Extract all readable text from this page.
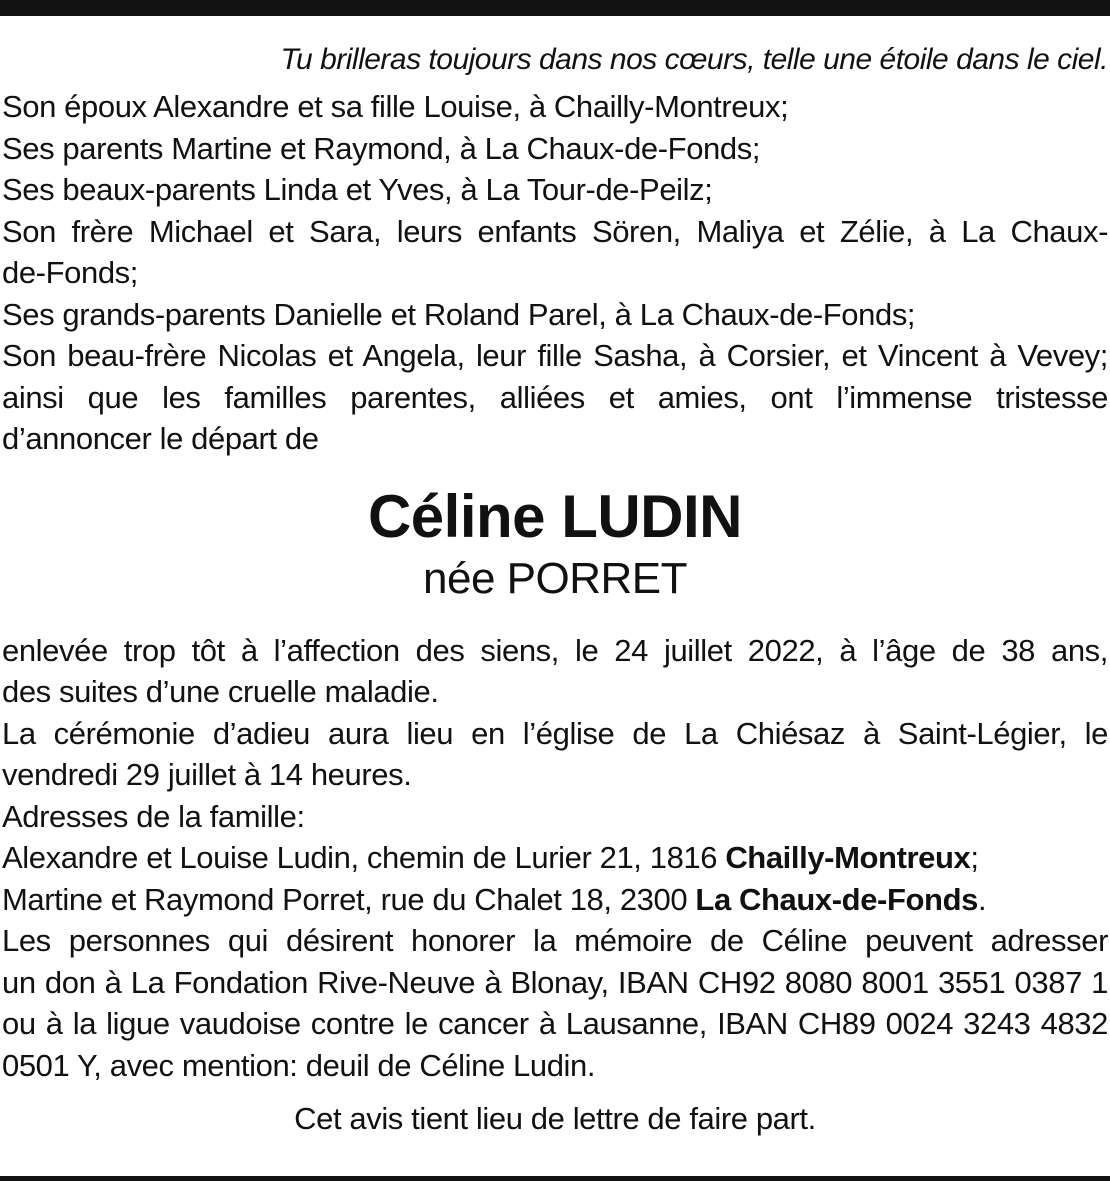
Tu brilleras toujours dans nos cœurs, telle une étoile dans le ciel.

Son époux Alexandre et sa fille Louise, à Chailly-Montreux;

Ses parents Martine et Raymond, à La Chaux-de-Fonds;

Ses beaux-parents Linda et Yves, à La Tour-de-Peilz;

Son frère Michael et Sara, leurs enfants Sören, Maliya et Zélie, à La Chaux-

de-Fonds;

Ses grands-parents Danielle et Roland Parel, à La Chaux-de-Fonds;

Son beau-frère Nicolas et Angela, leur fille Sasha, à Corsier, et Vincent à Vevey;

ainsi que les familles parentes, alliées et amies, ont l’immense tristesse

d’annoncer le départ de

Céline LUDIN
née PORRET

enlevée trop tôt à l’affection des siens, le 24 juillet 2022, à l’âge de 38 ans,

des suites d’une cruelle maladie.

La cérémonie d’adieu aura lieu en l’église de La Chiésaz à Saint-Légier, le

vendredi 29 juillet à 14 heures.

Adresses de la famille:

Alexandre et Louise Ludin, chemin de Lurier 21, 1816 Chailly-Montreux;

Martine et Raymond Porret, rue du Chalet 18, 2300 La Chaux-de-Fonds.

Les personnes qui désirent honorer la mémoire de Céline peuvent adresser

un don à La Fondation Rive-Neuve à Blonay, IBAN CH92 8080 8001 3551 0387 1

ou à la ligue vaudoise contre le cancer à Lausanne, IBAN CH89 0024 3243 4832

0501 Y, avec mention: deuil de Céline Ludin.

Cet avis tient lieu de lettre de faire part.
